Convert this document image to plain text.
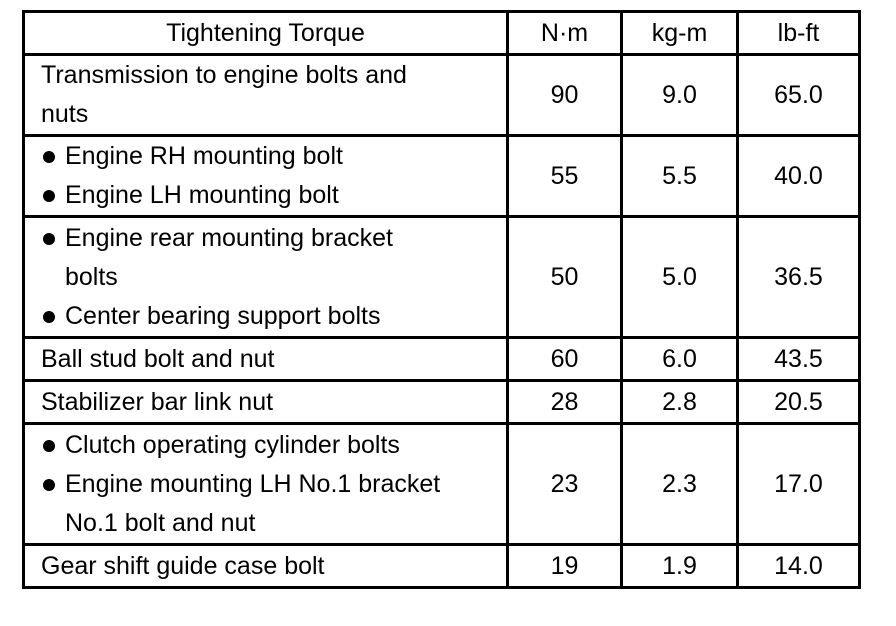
Tightening Torque	N·m	kg-m	lb-ft

Transmission to engine bolts and
nuts	90	9.0	65.0

Engine RH mounting bolt
Engine LH mounting bolt	55	5.5	40.0

Engine rear mounting bracket
bolts
Center bearing support bolts	50	5.0	36.5
Ball stud bolt and nut	60	6.0	43.5
Stabilizer bar link nut	28	2.8	20.5

Clutch operating cylinder bolts
Engine mounting LH No.1 bracket
No.1 bolt and nut	23	2.3	17.0
Gear shift guide case bolt	19	1.9	14.0
